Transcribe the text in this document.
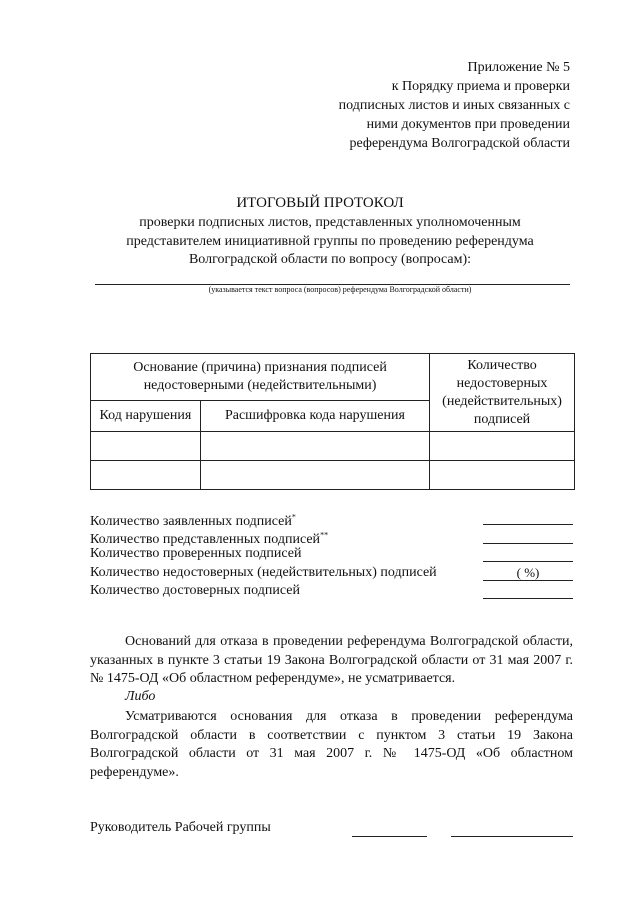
Приложение № 5
к Порядку приема и проверки
подписных листов и иных связанных с
ними документов при проведении
референдума Волгоградской области
ИТОГОВЫЙ ПРОТОКОЛ
проверки подписных листов, представленных уполномоченным представителем инициативной группы по проведению референдума Волгоградской области по вопросу (вопросам):
(указывается текст вопроса (вопросов) референдума Волгоградской области)
Основание (причина) признания подписей недостоверными (недействительными)		Количество недостоверных (недействительных) подписей
Код нарушения	Расшифровка кода нарушения	

Количество заявленных подписей*
Количество представленных подписей**
Количество проверенных подписей
Количество недостоверных (недействительных) подписей	( %)
Количество достоверных подписей
Оснований для отказа в проведении референдума Волгоградской области, указанных в пункте 3 статьи 19 Закона Волгоградской области от 31 мая 2007 г. № 1475-ОД «Об областном референдуме», не усматривается.
Либо
Усматриваются основания для отказа в проведении референдума Волгоградской области в соответствии с пунктом 3 статьи 19 Закона Волгоградской области от 31 мая 2007 г. № 1475-ОД «Об областном референдуме».
Руководитель Рабочей группы
